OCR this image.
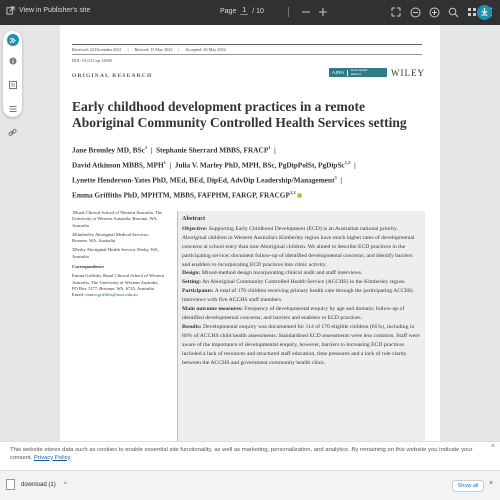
View in Publisher's site	Page 1 / 10
Received: 24 December 2021 | Revised: 13 May 2022 | Accepted: 26 May 2022
DOI: 10.1111/ajr.12900
ORIGINAL RESEARCH
AJRH Rural Health Alliance	WILEY
Early childhood development practices in a remote Aboriginal Community Controlled Health Services setting
Jane Bromley MD, BSc$^1$  |  Stephanie Sherrard MBBS, FRACP$^1$  |
David Atkinson MBBS, MPH$^1$  |  Julia V. Marley PhD, MPH, BSc, PgDipPolSt, PgDipSc$^{1,2}$  |
Lynette Henderson-Yates PhD, MEd, BEd, DipEd, AdvDip Leadership/Management$^3$  |
Emma Griffiths PhD, MPHTM, MBBS, FAFPHM, FARGP, FRACGP$^{1,2}$

1Rural Clinical School of Western Australia, The University of Western Australia, Broome, WA, Australia

2Kimberley Aboriginal Medical Services, Broome, WA, Australia

3Derby Aboriginal Health Service, Derby, WA, Australia

Correspondence

Emma Griffiths, Rural Clinical School of Western Australia, The University of Western Australia, PO Box 1377, Broome, WA, 6725, Australia.
Email: emma.griffiths@uwa.edu.au

Abstract

Objective: Supporting Early Childhood Development (ECD) is an Australian national priority. Aboriginal children in Western Australia's Kimberley region have much higher rates of developmental concerns at school entry than non-Aboriginal children. We aimed to describe ECD practices in the participating service; document follow-up of identified developmental concerns; and identify barriers and enablers to incorporating ECD practices into clinic activity.

Design: Mixed-method design incorporating clinical audit and staff interviews.

Setting: An Aboriginal Community Controlled Health Service (ACCHS) in the Kimberley region.

Participants: A total of 176 children receiving primary health care through the participating ACCHS; interviews with five ACCHS staff members.

Main outcome measures: Frequency of developmental enquiry by age and domain; follow-up of identified developmental concerns; and barriers and enablers to ECD practices.

Results: Developmental enquiry was documented for 114 of 176 eligible children (65%), including in 80% of ACCHS child health assessments. Standardised ECD assessments were less common. Staff were aware of the importance of developmental enquiry, however, barriers to increasing ECD practices included a lack of resources and structured staff education, time pressures and a lack of role clarity between the ACCHS and government community health clinic.

This website stores data such as cookies to enable essential site functionality, as well as marketing, personalization, and analytics. By remaining on this website you indicate your consent. Privacy Policy
×
download (1) ^	Show all	×
